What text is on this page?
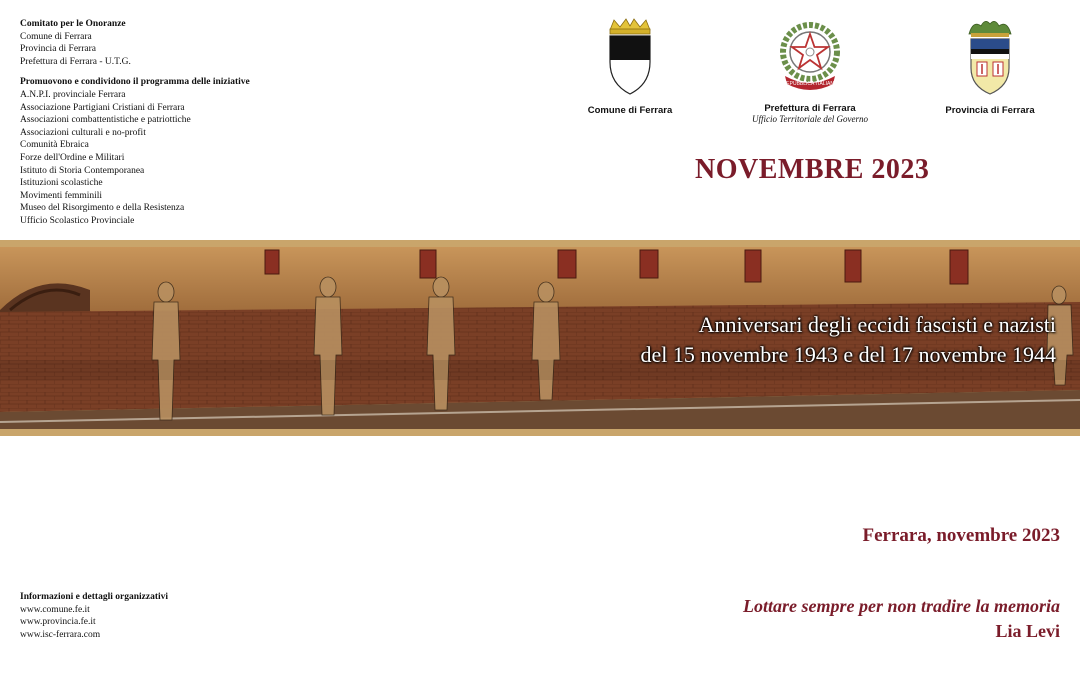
Comitato per le Onoranze
Comune di Ferrara
Provincia di Ferrara
Prefettura di Ferrara - U.T.G.
Promuovono e condividono il programma delle iniziative
A.N.P.I. provinciale Ferrara
Associazione Partigiani Cristiani di Ferrara
Associazioni combattentistiche e patriottiche
Associazioni culturali e no-profit
Comunità Ebraica
Forze dell'Ordine e Militari
Istituto di Storia Contemporanea
Istituzioni scolastiche
Movimenti femminili
Museo del Risorgimento e della Resistenza
Ufficio Scolastico Provinciale
Comune di Ferrara
REPUBBLICA ITALIANA
Prefettura di Ferrara
Ufficio Territoriale del Governo
Provincia di Ferrara
NOVEMBRE 2023
Anniversari degli eccidi fascisti e nazisti
del 15 novembre 1943 e del 17 novembre 1944
Ferrara, novembre 2023
Lottare sempre per non tradire la memoria
Lia Levi
Informazioni e dettagli organizzativi
www.comune.fe.it
www.provincia.fe.it
www.isc-ferrara.com
